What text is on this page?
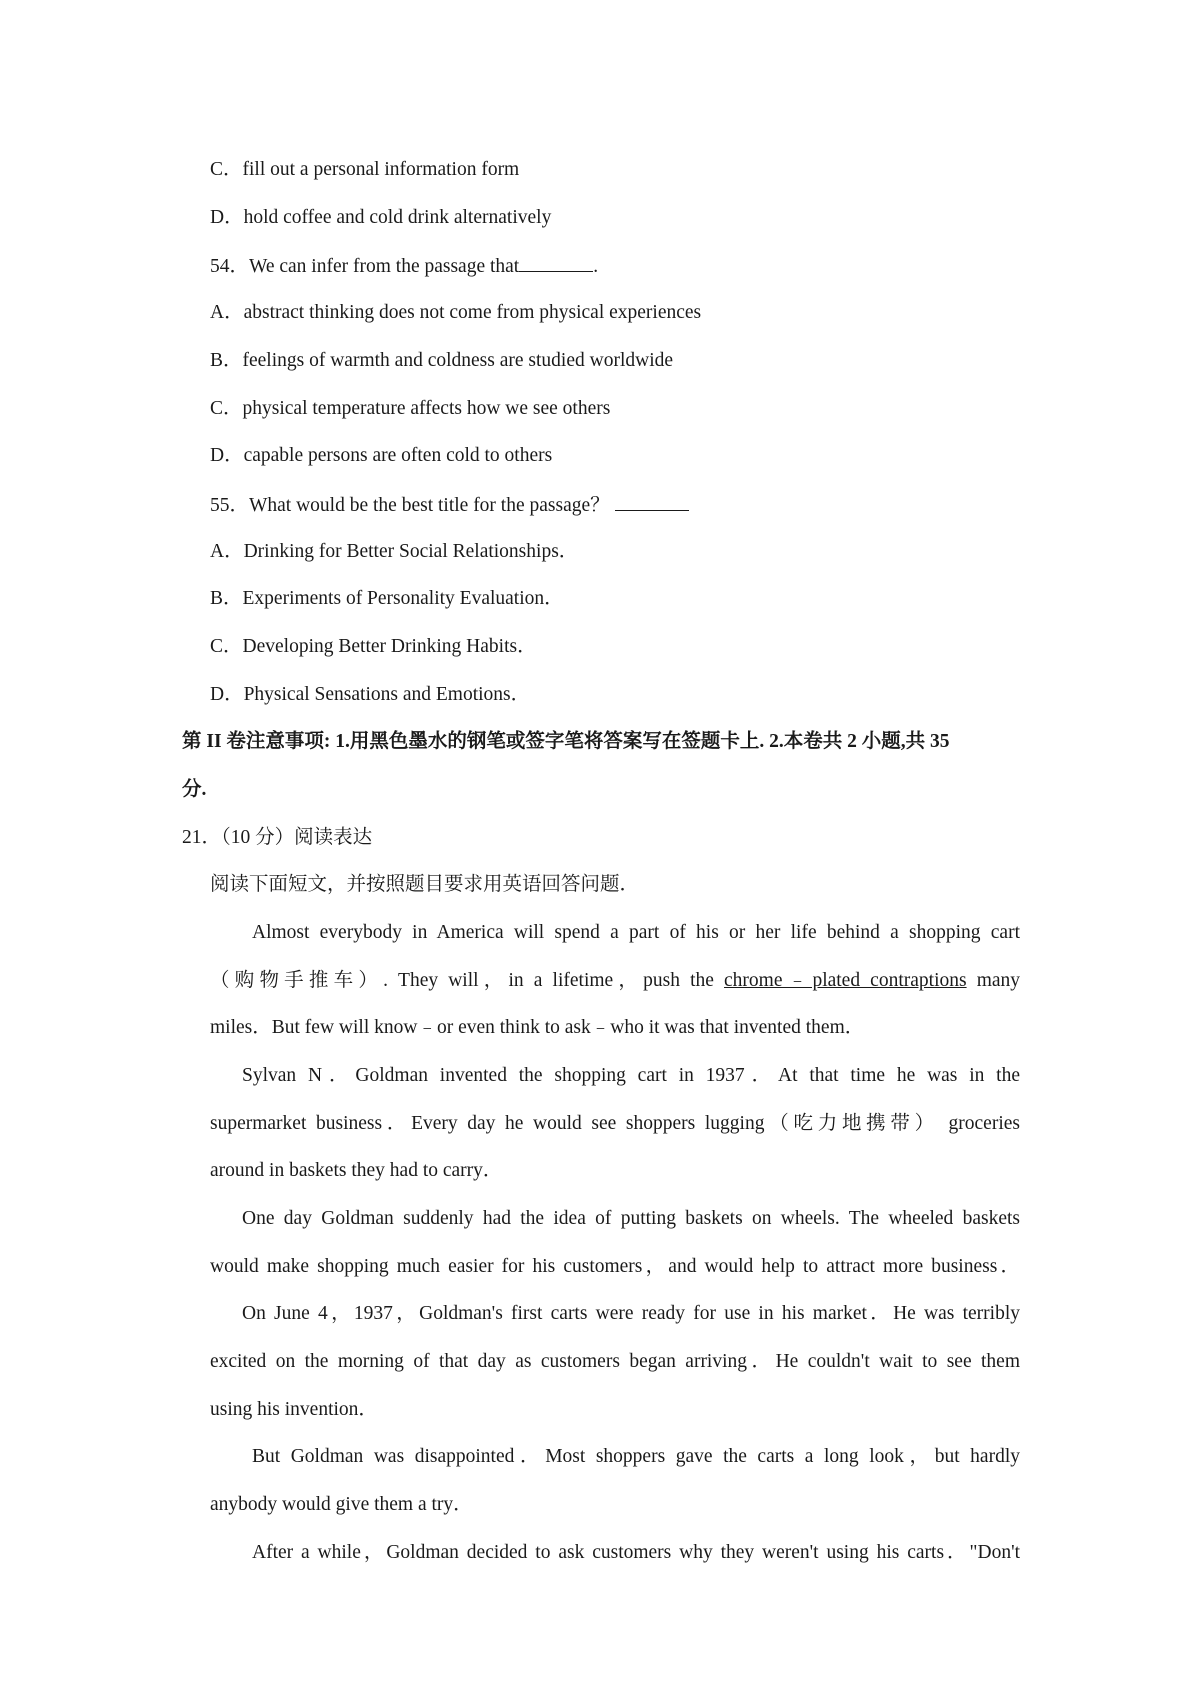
C．fill out a personal information form
D．hold coffee and cold drink alternatively
54．We can infer from the passage that	.
A．abstract thinking does not come from physical experiences
B．feelings of warmth and coldness are studied worldwide
C．physical temperature affects how we see others
D．capable persons are often cold to others
55．What would be the best title for the passage？
A．Drinking for Better Social Relationships．
B．Experiments of Personality Evaluation．
C．Developing Better Drinking Habits．
D．Physical Sensations and Emotions．
第 II 卷注意事项: 1.用黑色墨水的钢笔或签字笔将答案写在签题卡上. 2.本卷共 2 小题,共 35
分.
21．（10 分）阅读表达
阅读下面短文，并按照题目要求用英语回答问题．
Almost everybody in America will spend a part of his or her life behind a shopping cart
（购物手推车）. They will，in a lifetime，push the chrome﹣plated contraptions many
miles．But few will know﹣or even think to ask﹣who it was that invented them．
Sylvan N．Goldman invented the shopping cart in 1937．At that time he was in the
supermarket business．Every day he would see shoppers lugging（吃力地携带） groceries
around in baskets they had to carry．
One day Goldman suddenly had the idea of putting baskets on wheels. The wheeled baskets
would make shopping much easier for his customers，and would help to attract more business．
On June 4，1937，Goldman's first carts were ready for use in his market．He was terribly
excited on the morning of that day as customers began arriving．He couldn't wait to see them
using his invention．
But Goldman was disappointed．Most shoppers gave the carts a long look，but hardly
anybody would give them a try．
After a while，Goldman decided to ask customers why they weren't using his carts．"Don't
